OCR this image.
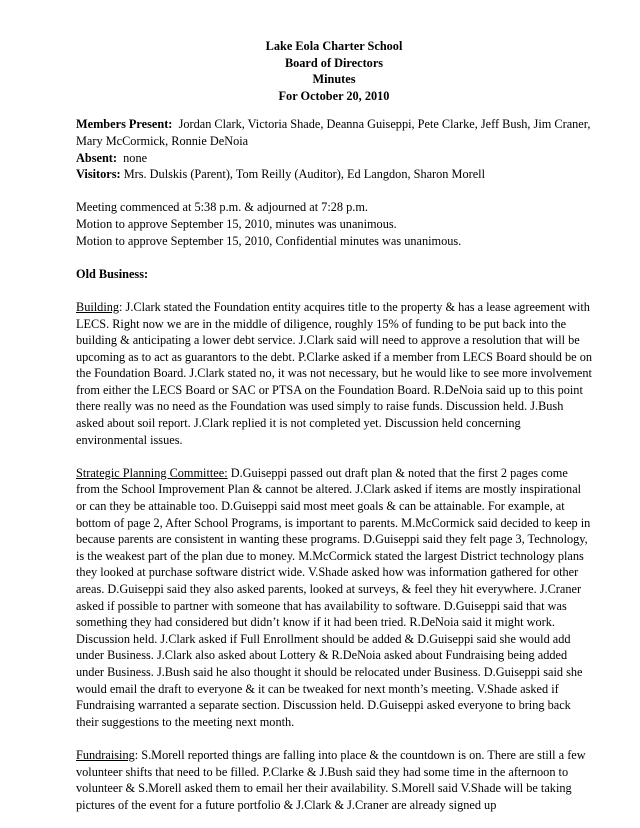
Lake Eola Charter School
Board of Directors
Minutes
For October 20, 2010

Members Present: Jordan Clark, Victoria Shade, Deanna Guiseppi, Pete Clarke, Jeff Bush, Jim Craner, Mary McCormick, Ronnie DeNoia

Absent: none

Visitors: Mrs. Dulskis (Parent), Tom Reilly (Auditor), Ed Langdon, Sharon Morell

Meeting commenced at 5:38 p.m. & adjourned at 7:28 p.m.
Motion to approve September 15, 2010, minutes was unanimous.
Motion to approve September 15, 2010, Confidential minutes was unanimous.

Old Business:

Building: J.Clark stated the Foundation entity acquires title to the property & has a lease agreement with LECS. Right now we are in the middle of diligence, roughly 15% of funding to be put back into the building & anticipating a lower debt service. J.Clark said will need to approve a resolution that will be upcoming as to act as guarantors to the debt. P.Clarke asked if a member from LECS Board should be on the Foundation Board. J.Clark stated no, it was not necessary, but he would like to see more involvement from either the LECS Board or SAC or PTSA on the Foundation Board. R.DeNoia said up to this point there really was no need as the Foundation was used simply to raise funds. Discussion held. J.Bush asked about soil report. J.Clark replied it is not completed yet. Discussion held concerning environmental issues.

Strategic Planning Committee: D.Guiseppi passed out draft plan & noted that the first 2 pages come from the School Improvement Plan & cannot be altered. J.Clark asked if items are mostly inspirational or can they be attainable too. D.Guiseppi said most meet goals & can be attainable. For example, at bottom of page 2, After School Programs, is important to parents. M.McCormick said decided to keep in because parents are consistent in wanting these programs. D.Guiseppi said they felt page 3, Technology, is the weakest part of the plan due to money. M.McCormick stated the largest District technology plans they looked at purchase software district wide. V.Shade asked how was information gathered for other areas. D.Guiseppi said they also asked parents, looked at surveys, & feel they hit everywhere. J.Craner asked if possible to partner with someone that has availability to software. D.Guiseppi said that was something they had considered but didn’t know if it had been tried. R.DeNoia said it might work. Discussion held. J.Clark asked if Full Enrollment should be added & D.Guiseppi said she would add under Business. J.Clark also asked about Lottery & R.DeNoia asked about Fundraising being added under Business. J.Bush said he also thought it should be relocated under Business. D.Guiseppi said she would email the draft to everyone & it can be tweaked for next month’s meeting. V.Shade asked if Fundraising warranted a separate section. Discussion held. D.Guiseppi asked everyone to bring back their suggestions to the meeting next month.

Fundraising: S.Morell reported things are falling into place & the countdown is on. There are still a few volunteer shifts that need to be filled. P.Clarke & J.Bush said they had some time in the afternoon to volunteer & S.Morell asked them to email her their availability. S.Morell said V.Shade will be taking pictures of the event for a future portfolio & J.Clark & J.Craner are already signed up
